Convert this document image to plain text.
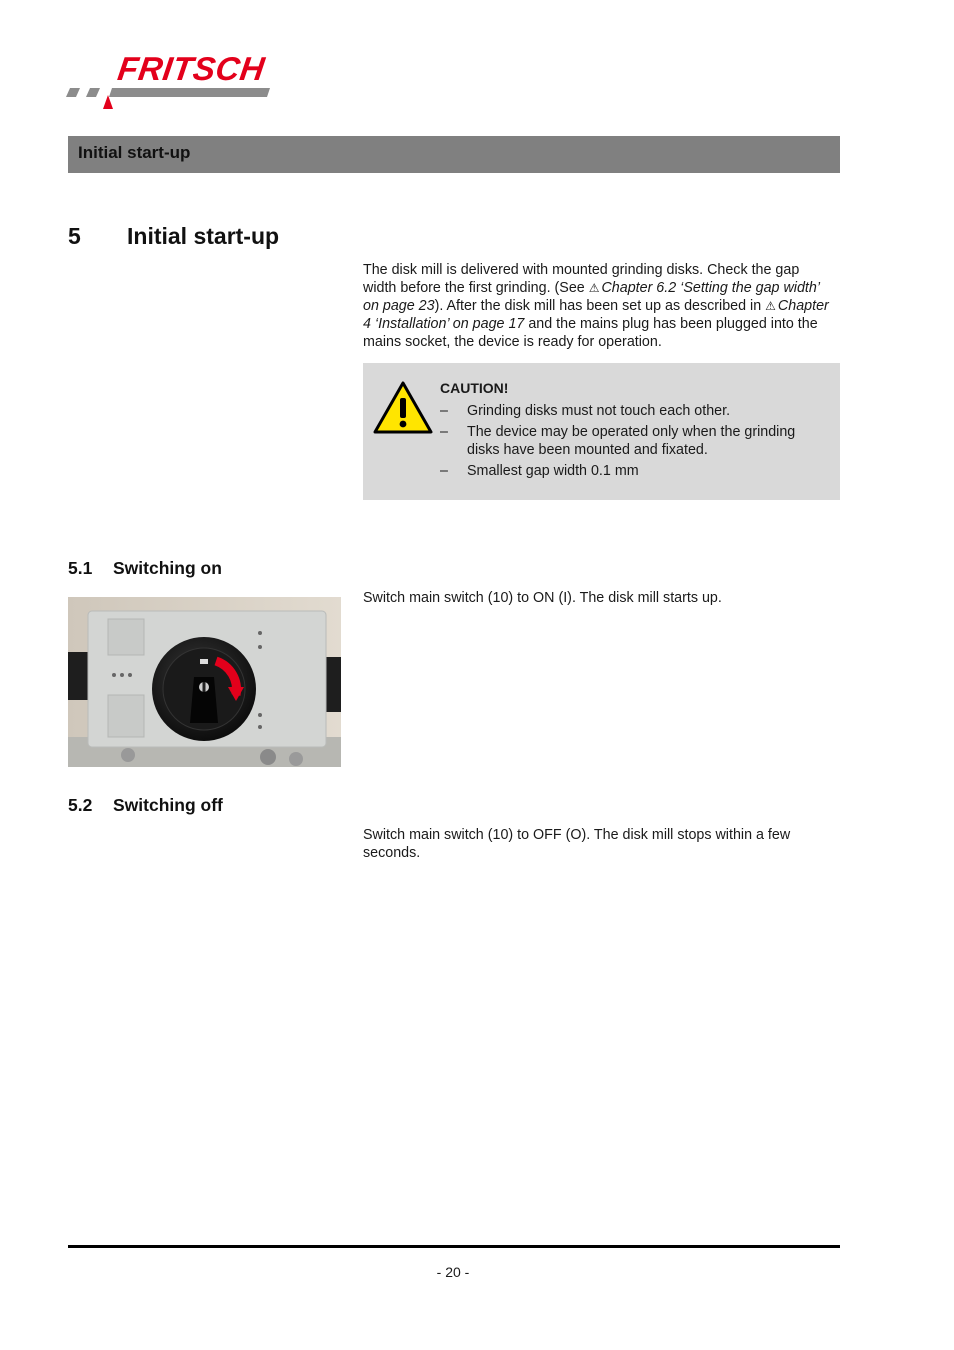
FRITSCH
Initial start-up
5 Initial start-up

The disk mill is delivered with mounted grinding disks. Check the gap width before the first grinding. (See ⚠︎ Chapter 6.2 ‘Setting the gap width’ on page 23). After the disk mill has been set up as described in ⚠︎ Chapter 4 ‘Installation’ on page 17 and the mains plug has been plugged into the mains socket, the device is ready for operation.

CAUTION!
– Grinding disks must not touch each other.
– The device may be operated only when the grinding disks have been mounted and fixated.
– Smallest gap width 0.1 mm
5.1 Switching on

Switch main switch (10) to ON (I). The disk mill starts up.

5.2 Switching off

Switch main switch (10) to OFF (O). The disk mill stops within a few seconds.

- 20 -
